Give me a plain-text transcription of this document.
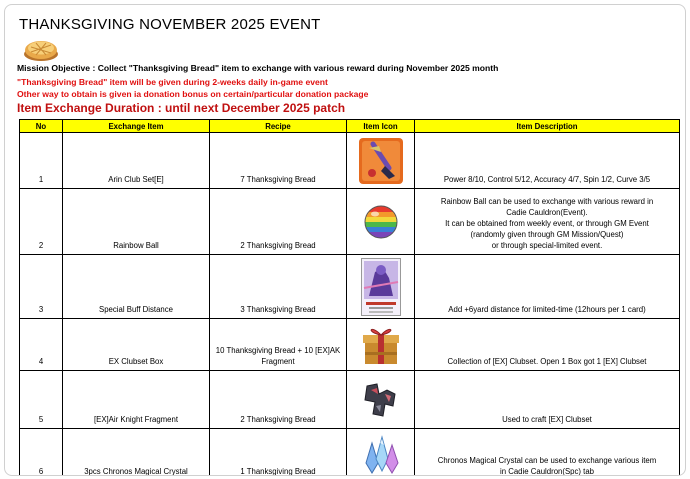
THANKSGIVING NOVEMBER 2025 EVENT
Mission Objective : Collect "Thanksgiving Bread" item to exchange with various reward during November 2025 month
"Thanksgiving Bread" item will be given during 2-weeks daily in-game event
Other way to obtain is given ia donation bonus on certain/particular donation package
Item Exchange Duration : until next December 2025 patch
No	Exchange Item	Recipe	Item Icon	Item Description
1	Arin Club Set[E]	7 Thanksgiving Bread		Power 8/10, Control 5/12, Accuracy 4/7, Spin 1/2, Curve 3/5

2	Rainbow Ball	2 Thanksgiving Bread		Rainbow Ball can be used to exchange with various reward in
Cadie Cauldron(Event).
It can be obtained from weekly event, or through GM Event
(randomly given through GM Mission/Quest)
or through special-limited event.

3	Special Buff Distance	3 Thanksgiving Bread		Add +6yard distance for limited-time (12hours per 1 card)

4	EX Clubset Box	10 Thanksgiving Bread + 10 [EX]AK Fragment		Collection of [EX] Clubset. Open 1 Box got 1 [EX] Clubset

5	[EX]Air Knight Fragment	2 Thanksgiving Bread		Used to craft [EX] Clubset

6	3pcs Chronos Magical Crystal	1 Thanksgiving Bread		Chronos Magical Crystal can be used to exchange various item
in Cadie Cauldron(Spc) tab
